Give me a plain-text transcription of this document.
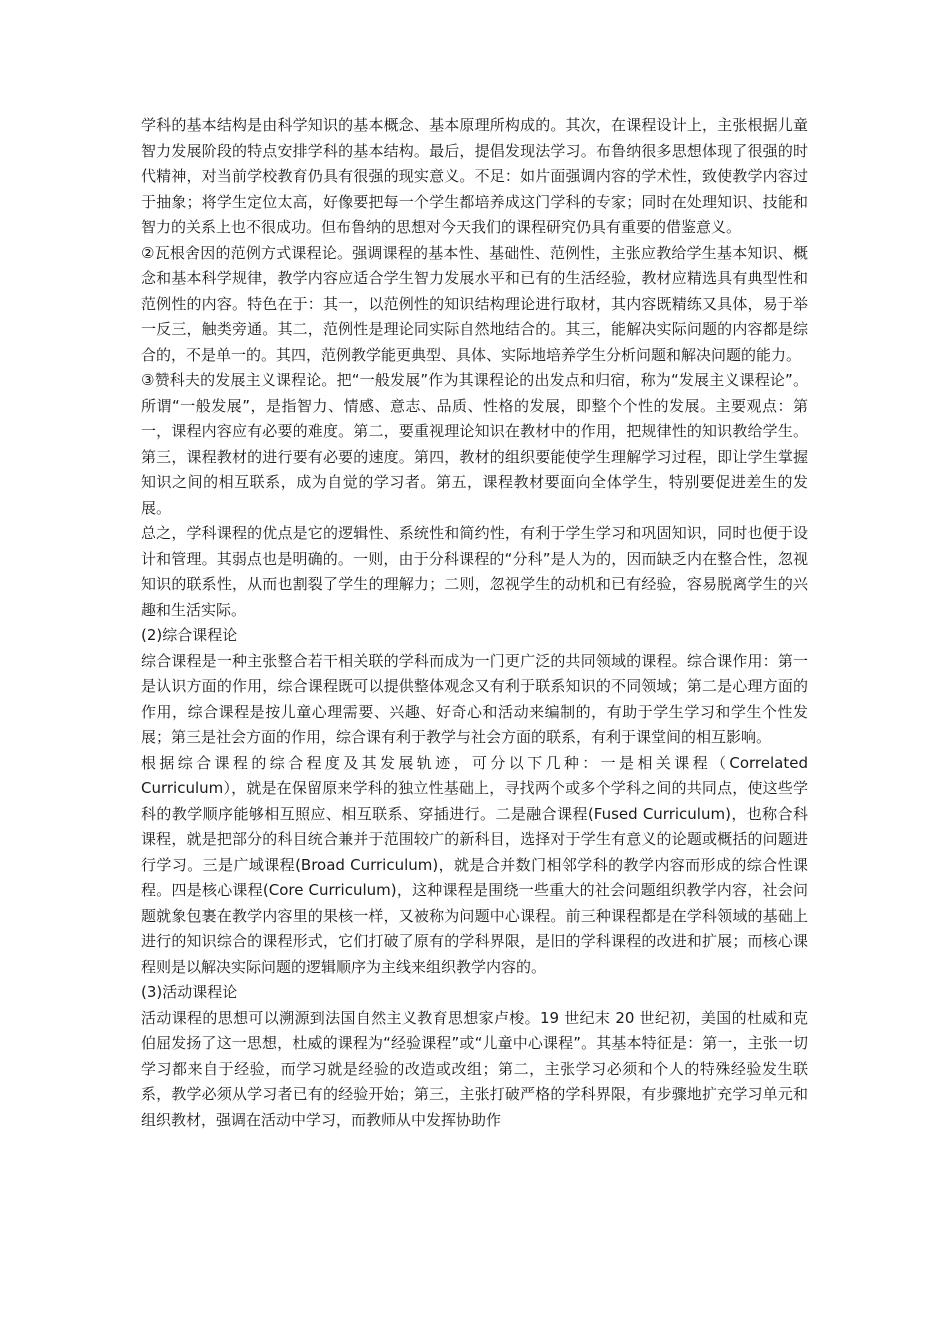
学科的基本结构是由科学知识的基本概念、基本原理所构成的。其次，在课程设计上，主张根据儿童智力发展阶段的特点安排学科的基本结构。最后，提倡发现法学习。布鲁纳很多思想体现了很强的时代精神，对当前学校教育仍具有很强的现实意义。不足：如片面强调内容的学术性，致使教学内容过于抽象；将学生定位太高，好像要把每一个学生都培养成这门学科的专家；同时在处理知识、技能和智力的关系上也不很成功。但布鲁纳的思想对今天我们的课程研究仍具有重要的借鉴意义。

②瓦根舍因的范例方式课程论。强调课程的基本性、基础性、范例性，主张应教给学生基本知识、概念和基本科学规律，教学内容应适合学生智力发展水平和已有的生活经验，教材应精选具有典型性和范例性的内容。特色在于：其一，以范例性的知识结构理论进行取材，其内容既精练又具体，易于举一反三，触类旁通。其二，范例性是理论同实际自然地结合的。其三，能解决实际问题的内容都是综合的，不是单一的。其四，范例教学能更典型、具体、实际地培养学生分析问题和解决问题的能力。

③赞科夫的发展主义课程论。把“一般发展”作为其课程论的出发点和归宿，称为“发展主义课程论”。所谓“一般发展”，是指智力、情感、意志、品质、性格的发展，即整个个性的发展。主要观点：第一，课程内容应有必要的难度。第二，要重视理论知识在教材中的作用，把规律性的知识教给学生。第三，课程教材的进行要有必要的速度。第四，教材的组织要能使学生理解学习过程，即让学生掌握知识之间的相互联系，成为自觉的学习者。第五，课程教材要面向全体学生，特别要促进差生的发展。

总之，学科课程的优点是它的逻辑性、系统性和简约性，有利于学生学习和巩固知识，同时也便于设计和管理。其弱点也是明确的。一则，由于分科课程的“分科”是人为的，因而缺乏内在整合性，忽视知识的联系性，从而也割裂了学生的理解力；二则，忽视学生的动机和已有经验，容易脱离学生的兴趣和生活实际。

(2)综合课程论

综合课程是一种主张整合若干相关联的学科而成为一门更广泛的共同领域的课程。综合课作用：第一是认识方面的作用，综合课程既可以提供整体观念又有利于联系知识的不同领域；第二是心理方面的作用，综合课程是按儿童心理需要、兴趣、好奇心和活动来编制的，有助于学生学习和学生个性发展；第三是社会方面的作用，综合课有利于教学与社会方面的联系，有利于课堂间的相互影响。

根据综合课程的综合程度及其发展轨迹，可分以下几种：一是相关课程（Correlated Curriculum），就是在保留原来学科的独立性基础上，寻找两个或多个学科之间的共同点，使这些学科的教学顺序能够相互照应、相互联系、穿插进行。二是融合课程(Fused Curriculum)，也称合科课程，就是把部分的科目统合兼并于范围较广的新科目，选择对于学生有意义的论题或概括的问题进行学习。三是广域课程(Broad Curriculum)，就是合并数门相邻学科的教学内容而形成的综合性课程。四是核心课程(Core Curriculum)，这种课程是围绕一些重大的社会问题组织教学内容，社会问题就象包裹在教学内容里的果核一样，又被称为问题中心课程。前三种课程都是在学科领域的基础上进行的知识综合的课程形式，它们打破了原有的学科界限，是旧的学科课程的改进和扩展；而核心课程则是以解决实际问题的逻辑顺序为主线来组织教学内容的。

(3)活动课程论

活动课程的思想可以溯源到法国自然主义教育思想家卢梭。19 世纪末 20 世纪初，美国的杜威和克伯屈发扬了这一思想，杜威的课程为“经验课程”或“儿童中心课程”。其基本特征是：第一，主张一切学习都来自于经验，而学习就是经验的改造或改组；第二，主张学习必须和个人的特殊经验发生联系，教学必须从学习者已有的经验开始；第三，主张打破严格的学科界限，有步骤地扩充学习单元和组织教材，强调在活动中学习，而教师从中发挥协助作
